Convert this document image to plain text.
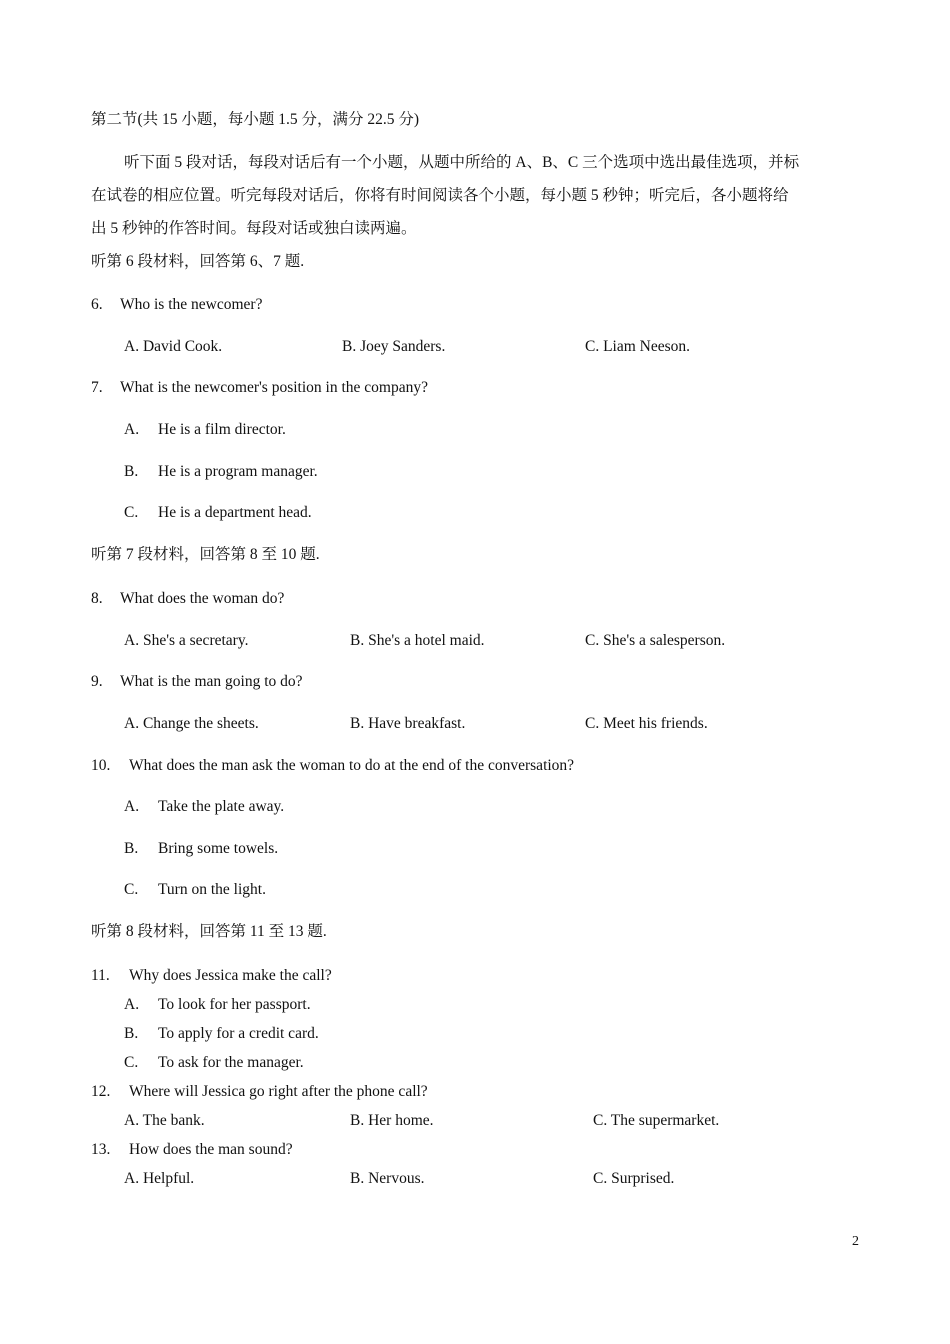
第二节(共 15 小题，每小题 1.5 分，满分 22.5 分)
听下面 5 段对话，每段对话后有一个小题，从题中所给的 A、B、C 三个选项中选出最佳选项，并标
在试卷的相应位置。听完每段对话后，你将有时间阅读各个小题，每小题 5 秒钟；听完后，各小题将给
出 5 秒钟的作答时间。每段对话或独白读两遍。
听第 6 段材料，回答第 6、7 题.
6. Who is the newcomer?
A. David Cook.	B. Joey Sanders.	C. Liam Neeson.
7. What is the newcomer's position in the company?
A. He is a film director.
B. He is a program manager.
C. He is a department head.
听第 7 段材料，回答第 8 至 10 题.
8. What does the woman do?
A. She's a secretary.	B. She's a hotel maid.	C. She's a salesperson.
9. What is the man going to do?
A. Change the sheets.	B. Have breakfast.	C. Meet his friends.
10. What does the man ask the woman to do at the end of the conversation?
A. Take the plate away.
B. Bring some towels.
C. Turn on the light.
听第 8 段材料，回答第 11 至 13 题.
11. Why does Jessica make the call?
A. To look for her passport.
B. To apply for a credit card.
C. To ask for the manager.
12. Where will Jessica go right after the phone call?
A. The bank.	B. Her home.	C. The supermarket.
13. How does the man sound?
A. Helpful.	B. Nervous.	C. Surprised.
2
